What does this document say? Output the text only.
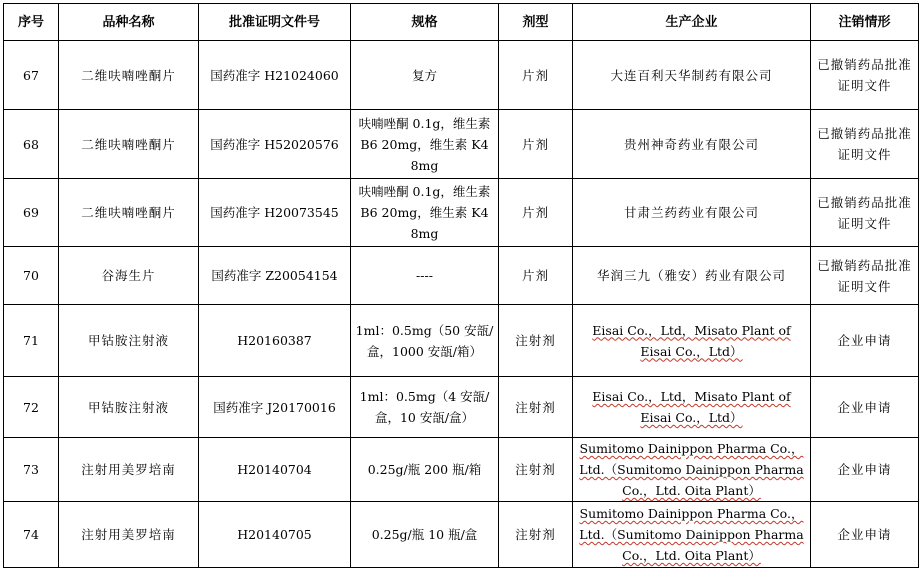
序号	品种名称	批准证明文件号	规格	剂型	生产企业	注销情形
67	二维呋喃唑酮片	国药准字 H21024060	复方	片剂	大连百利天华制药有限公司	已撤销药品批准证明文件
68	二维呋喃唑酮片	国药准字 H52020576	呋喃唑酮 0.1g，维生素 B6 20mg，维生素 K4 8mg	片剂	贵州神奇药业有限公司	已撤销药品批准证明文件
69	二维呋喃唑酮片	国药准字 H20073545	呋喃唑酮 0.1g，维生素 B6 20mg，维生素 K4 8mg	片剂	甘肃兰药药业有限公司	已撤销药品批准证明文件
70	谷海生片	国药准字 Z20054154	----	片剂	华润三九（雅安）药业有限公司	已撤销药品批准证明文件
71	甲钴胺注射液	H20160387	1ml：0.5mg（50 安瓿/盒，1000 安瓿/箱）	注射剂	Eisai Co.，Ltd，Misato Plant of Eisai Co.，Ltd）	企业申请
72	甲钴胺注射液	国药准字 J20170016	1ml：0.5mg（4 安瓿/盒，10 安瓿/盒）	注射剂	Eisai Co.，Ltd，Misato Plant of Eisai Co.，Ltd）	企业申请
73	注射用美罗培南	H20140704	0.25g/瓶 200 瓶/箱	注射剂	Sumitomo Dainippon Pharma Co.，Ltd.（Sumitomo Dainippon Pharma Co.，Ltd. Oita Plant）	企业申请
74	注射用美罗培南	H20140705	0.25g/瓶 10 瓶/盒	注射剂	Sumitomo Dainippon Pharma Co.，Ltd.（Sumitomo Dainippon Pharma Co.，Ltd. Oita Plant）	企业申请
